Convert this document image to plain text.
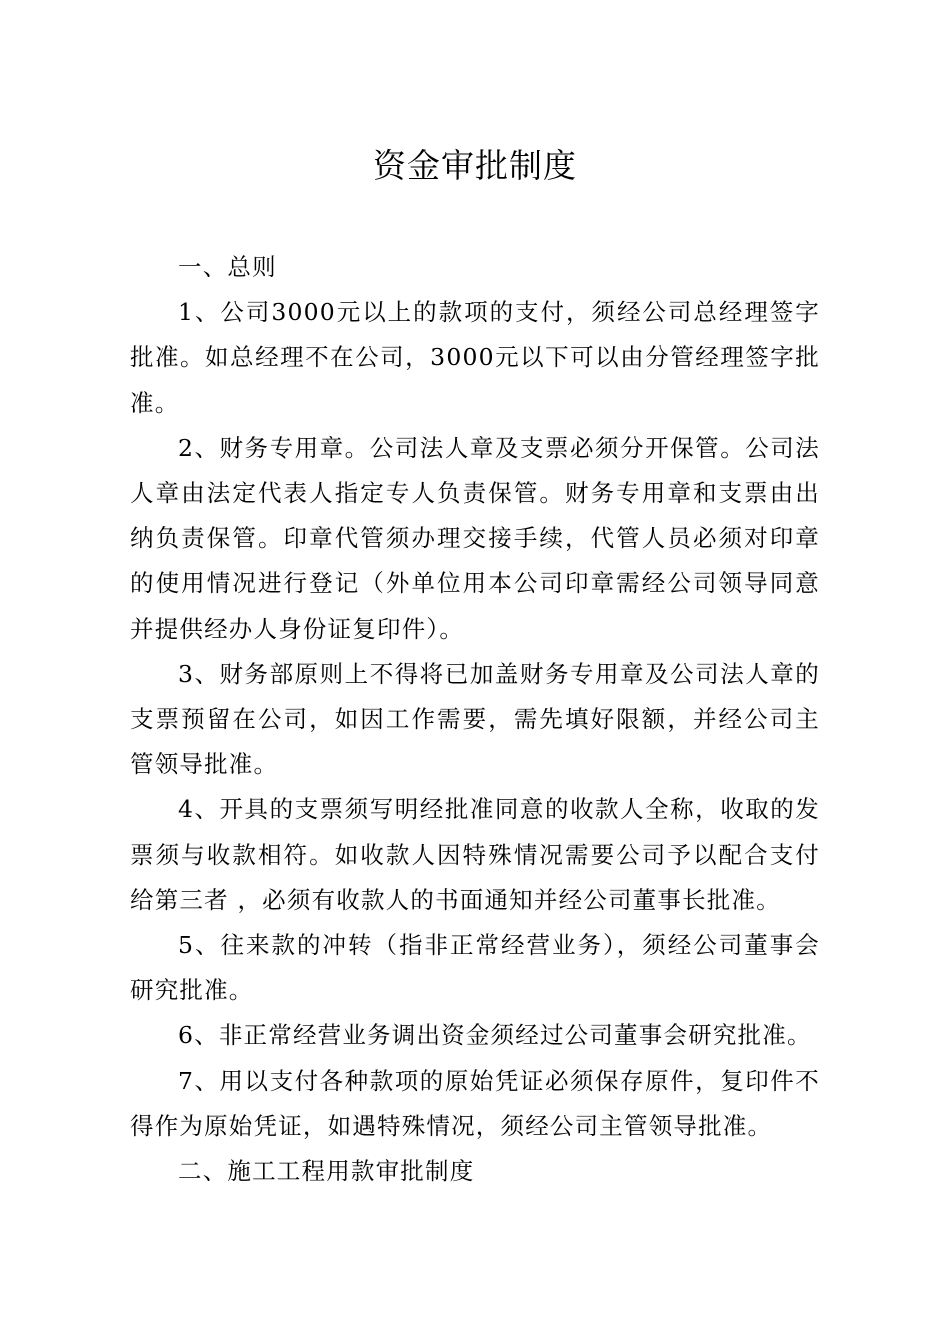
资金审批制度

一、总则

1、公司3000元以上的款项的支付，须经公司总经理签字批准。如总经理不在公司，3000元以下可以由分管经理签字批准。

2、财务专用章。公司法人章及支票必须分开保管。公司法人章由法定代表人指定专人负责保管。财务专用章和支票由出纳负责保管。印章代管须办理交接手续，代管人员必须对印章的使用情况进行登记（外单位用本公司印章需经公司领导同意并提供经办人身份证复印件）。

3、财务部原则上不得将已加盖财务专用章及公司法人章的支票预留在公司，如因工作需要，需先填好限额，并经公司主管领导批准。

4、开具的支票须写明经批准同意的收款人全称，收取的发票须与收款相符。如收款人因特殊情况需要公司予以配合支付给第三者 ，必须有收款人的书面通知并经公司董事长批准。

5、往来款的冲转（指非正常经营业务），须经公司董事会研究批准。

6、非正常经营业务调出资金须经过公司董事会研究批准。

7、用以支付各种款项的原始凭证必须保存原件，复印件不得作为原始凭证，如遇特殊情况，须经公司主管领导批准。

二、施工工程用款审批制度
